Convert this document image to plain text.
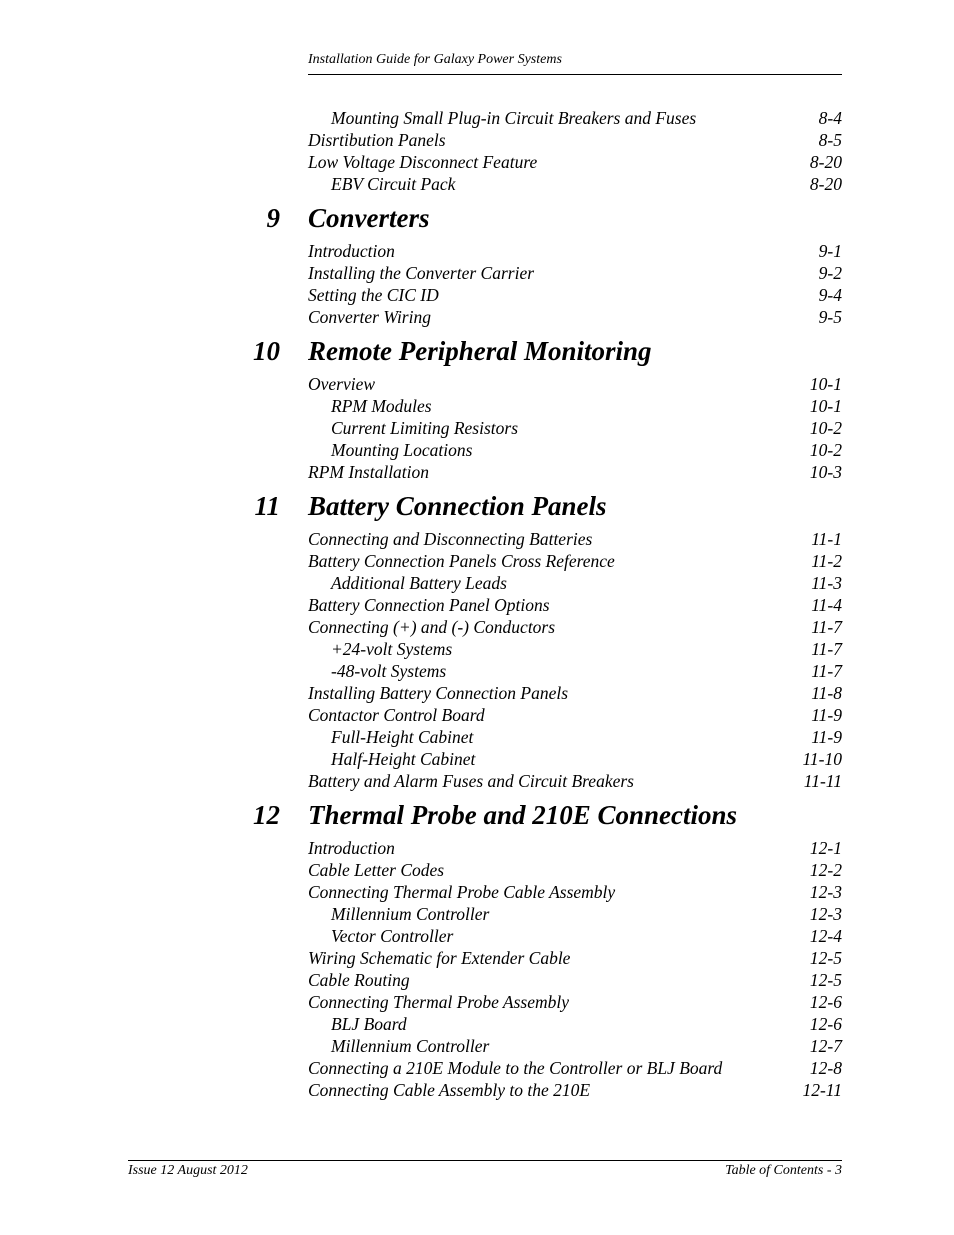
Installation Guide for Galaxy Power Systems
Mounting Small Plug-in Circuit Breakers and Fuses	8-4
Disrtibution Panels	8-5
Low Voltage Disconnect Feature	8-20
EBV Circuit Pack	8-20
9 Converters
Introduction	9-1
Installing the Converter Carrier	9-2
Setting the CIC ID	9-4
Converter Wiring	9-5
10 Remote Peripheral Monitoring
Overview	10-1
RPM Modules	10-1
Current Limiting Resistors	10-2
Mounting Locations	10-2
RPM Installation	10-3
11 Battery Connection Panels
Connecting and Disconnecting Batteries	11-1
Battery Connection Panels Cross Reference	11-2
Additional Battery Leads	11-3
Battery Connection Panel Options	11-4
Connecting (+) and (-) Conductors	11-7
+24-volt Systems	11-7
-48-volt Systems	11-7
Installing Battery Connection Panels	11-8
Contactor Control Board	11-9
Full-Height Cabinet	11-9
Half-Height Cabinet	11-10
Battery and Alarm Fuses and Circuit Breakers	11-11
12 Thermal Probe and 210E Connections
Introduction	12-1
Cable Letter Codes	12-2
Connecting Thermal Probe Cable Assembly	12-3
Millennium Controller	12-3
Vector Controller	12-4
Wiring Schematic for Extender Cable	12-5
Cable Routing	12-5
Connecting Thermal Probe Assembly	12-6
BLJ Board	12-6
Millennium Controller	12-7
Connecting a 210E Module to the Controller or BLJ Board	12-8
Connecting Cable Assembly to the 210E	12-11
Issue 12 August 2012	Table of Contents - 3
